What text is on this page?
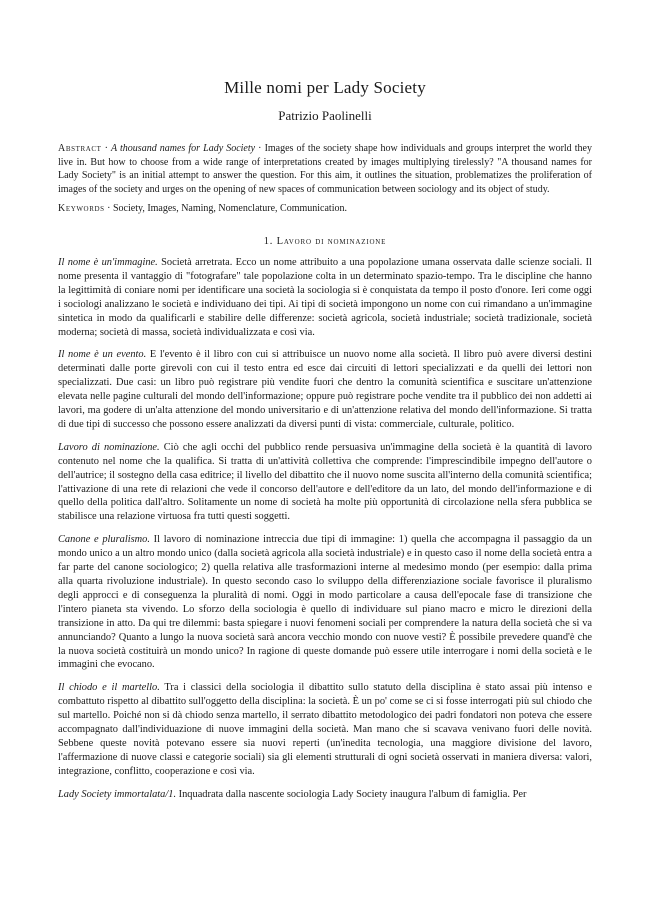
Mille nomi per Lady Society
Patrizio Paolinelli

Abstract · A thousand names for Lady Society · Images of the society shape how individuals and groups interpret the world they live in. But how to choose from a wide range of interpretations created by images multiplying tirelessly? "A thousand names for Lady Society" is an initial attempt to answer the question. For this aim, it outlines the situation, problematizes the proliferation of images of the society and urges on the opening of new spaces of communication between sociology and its object of study.

Keywords · Society, Images, Naming, Nomenclature, Communication.

1. Lavoro di nominazione

Il nome è un'immagine. Società arretrata. Ecco un nome attribuito a una popolazione umana osservata dalle scienze sociali. Il nome presenta il vantaggio di "fotografare" tale popolazione colta in un determinato spazio-tempo. Tra le discipline che hanno la legittimità di coniare nomi per identificare una società la sociologia si è conquistata da tempo il posto d'onore. Ieri come oggi i sociologi analizzano le società e individuano dei tipi. Ai tipi di società impongono un nome con cui rimandano a un'immagine sintetica in modo da qualificarli e stabilire delle differenze: società agricola, società industriale; società tradizionale, società moderna; società di massa, società individualizzata e così via.

Il nome è un evento. E l'evento è il libro con cui si attribuisce un nuovo nome alla società. Il libro può avere diversi destini determinati dalle porte girevoli con cui il testo entra ed esce dai circuiti di lettori specializzati e da quelli dei lettori non specializzati. Due casi: un libro può registrare più vendite fuori che dentro la comunità scientifica e suscitare un'attenzione elevata nelle pagine culturali del mondo dell'informazione; oppure può registrare poche vendite tra il pubblico dei non addetti ai lavori, ma godere di un'alta attenzione del mondo universitario e di un'attenzione relativa del mondo dell'informazione. Si tratta di due tipi di successo che possono essere analizzati da diversi punti di vista: commerciale, culturale, politico.

Lavoro di nominazione. Ciò che agli occhi del pubblico rende persuasiva un'immagine della società è la quantità di lavoro contenuto nel nome che la qualifica. Si tratta di un'attività collettiva che comprende: l'imprescindibile impegno dell'autore o dell'autrice; il sostegno della casa editrice; il livello del dibattito che il nuovo nome suscita all'interno della comunità scientifica; l'attivazione di una rete di relazioni che vede il concorso dell'autore e dell'editore da un lato, del mondo dell'informazione e di quello della politica dall'altro. Solitamente un nome di società ha molte più opportunità di circolazione nella sfera pubblica se stabilisce una relazione virtuosa fra tutti questi soggetti.

Canone e pluralismo. Il lavoro di nominazione intreccia due tipi di immagine: 1) quella che accompagna il passaggio da un mondo unico a un altro mondo unico (dalla società agricola alla società industriale) e in questo caso il nome della società entra a far parte del canone sociologico; 2) quella relativa alle trasformazioni interne al medesimo mondo (per esempio: dalla prima alla quarta rivoluzione industriale). In questo secondo caso lo sviluppo della differenziazione sociale favorisce il pluralismo degli approcci e di conseguenza la pluralità di nomi. Oggi in modo particolare a causa dell'epocale fase di transizione che l'intero pianeta sta vivendo. Lo sforzo della sociologia è quello di individuare sul piano macro e micro le direzioni della transizione in atto. Da qui tre dilemmi: basta spiegare i nuovi fenomeni sociali per comprendere la natura della società che si va annunciando? Quanto a lungo la nuova società sarà ancora vecchio mondo con nuove vesti? È possibile prevedere quand'è che la nuova società costituirà un mondo unico? In ragione di queste domande può essere utile interrogare i nomi della società e le immagini che evocano.

Il chiodo e il martello. Tra i classici della sociologia il dibattito sullo statuto della disciplina è stato assai più intenso e combattuto rispetto al dibattito sull'oggetto della disciplina: la società. È un po' come se ci si fosse interrogati più sul chiodo che sul martello. Poiché non si dà chiodo senza martello, il serrato dibattito metodologico dei padri fondatori non poteva che essere accompagnato dall'individuazione di nuove immagini della società. Man mano che si scavava venivano fuori delle novità. Sebbene queste novità potevano essere sia nuovi reperti (un'inedita tecnologia, una maggiore divisione del lavoro, l'affermazione di nuove classi e categorie sociali) sia gli elementi strutturali di ogni società osservati in maniera diversa: valori, integrazione, conflitto, cooperazione e così via.

Lady Society immortalata/1. Inquadrata dalla nascente sociologia Lady Society inaugura l'album di famiglia. Per
